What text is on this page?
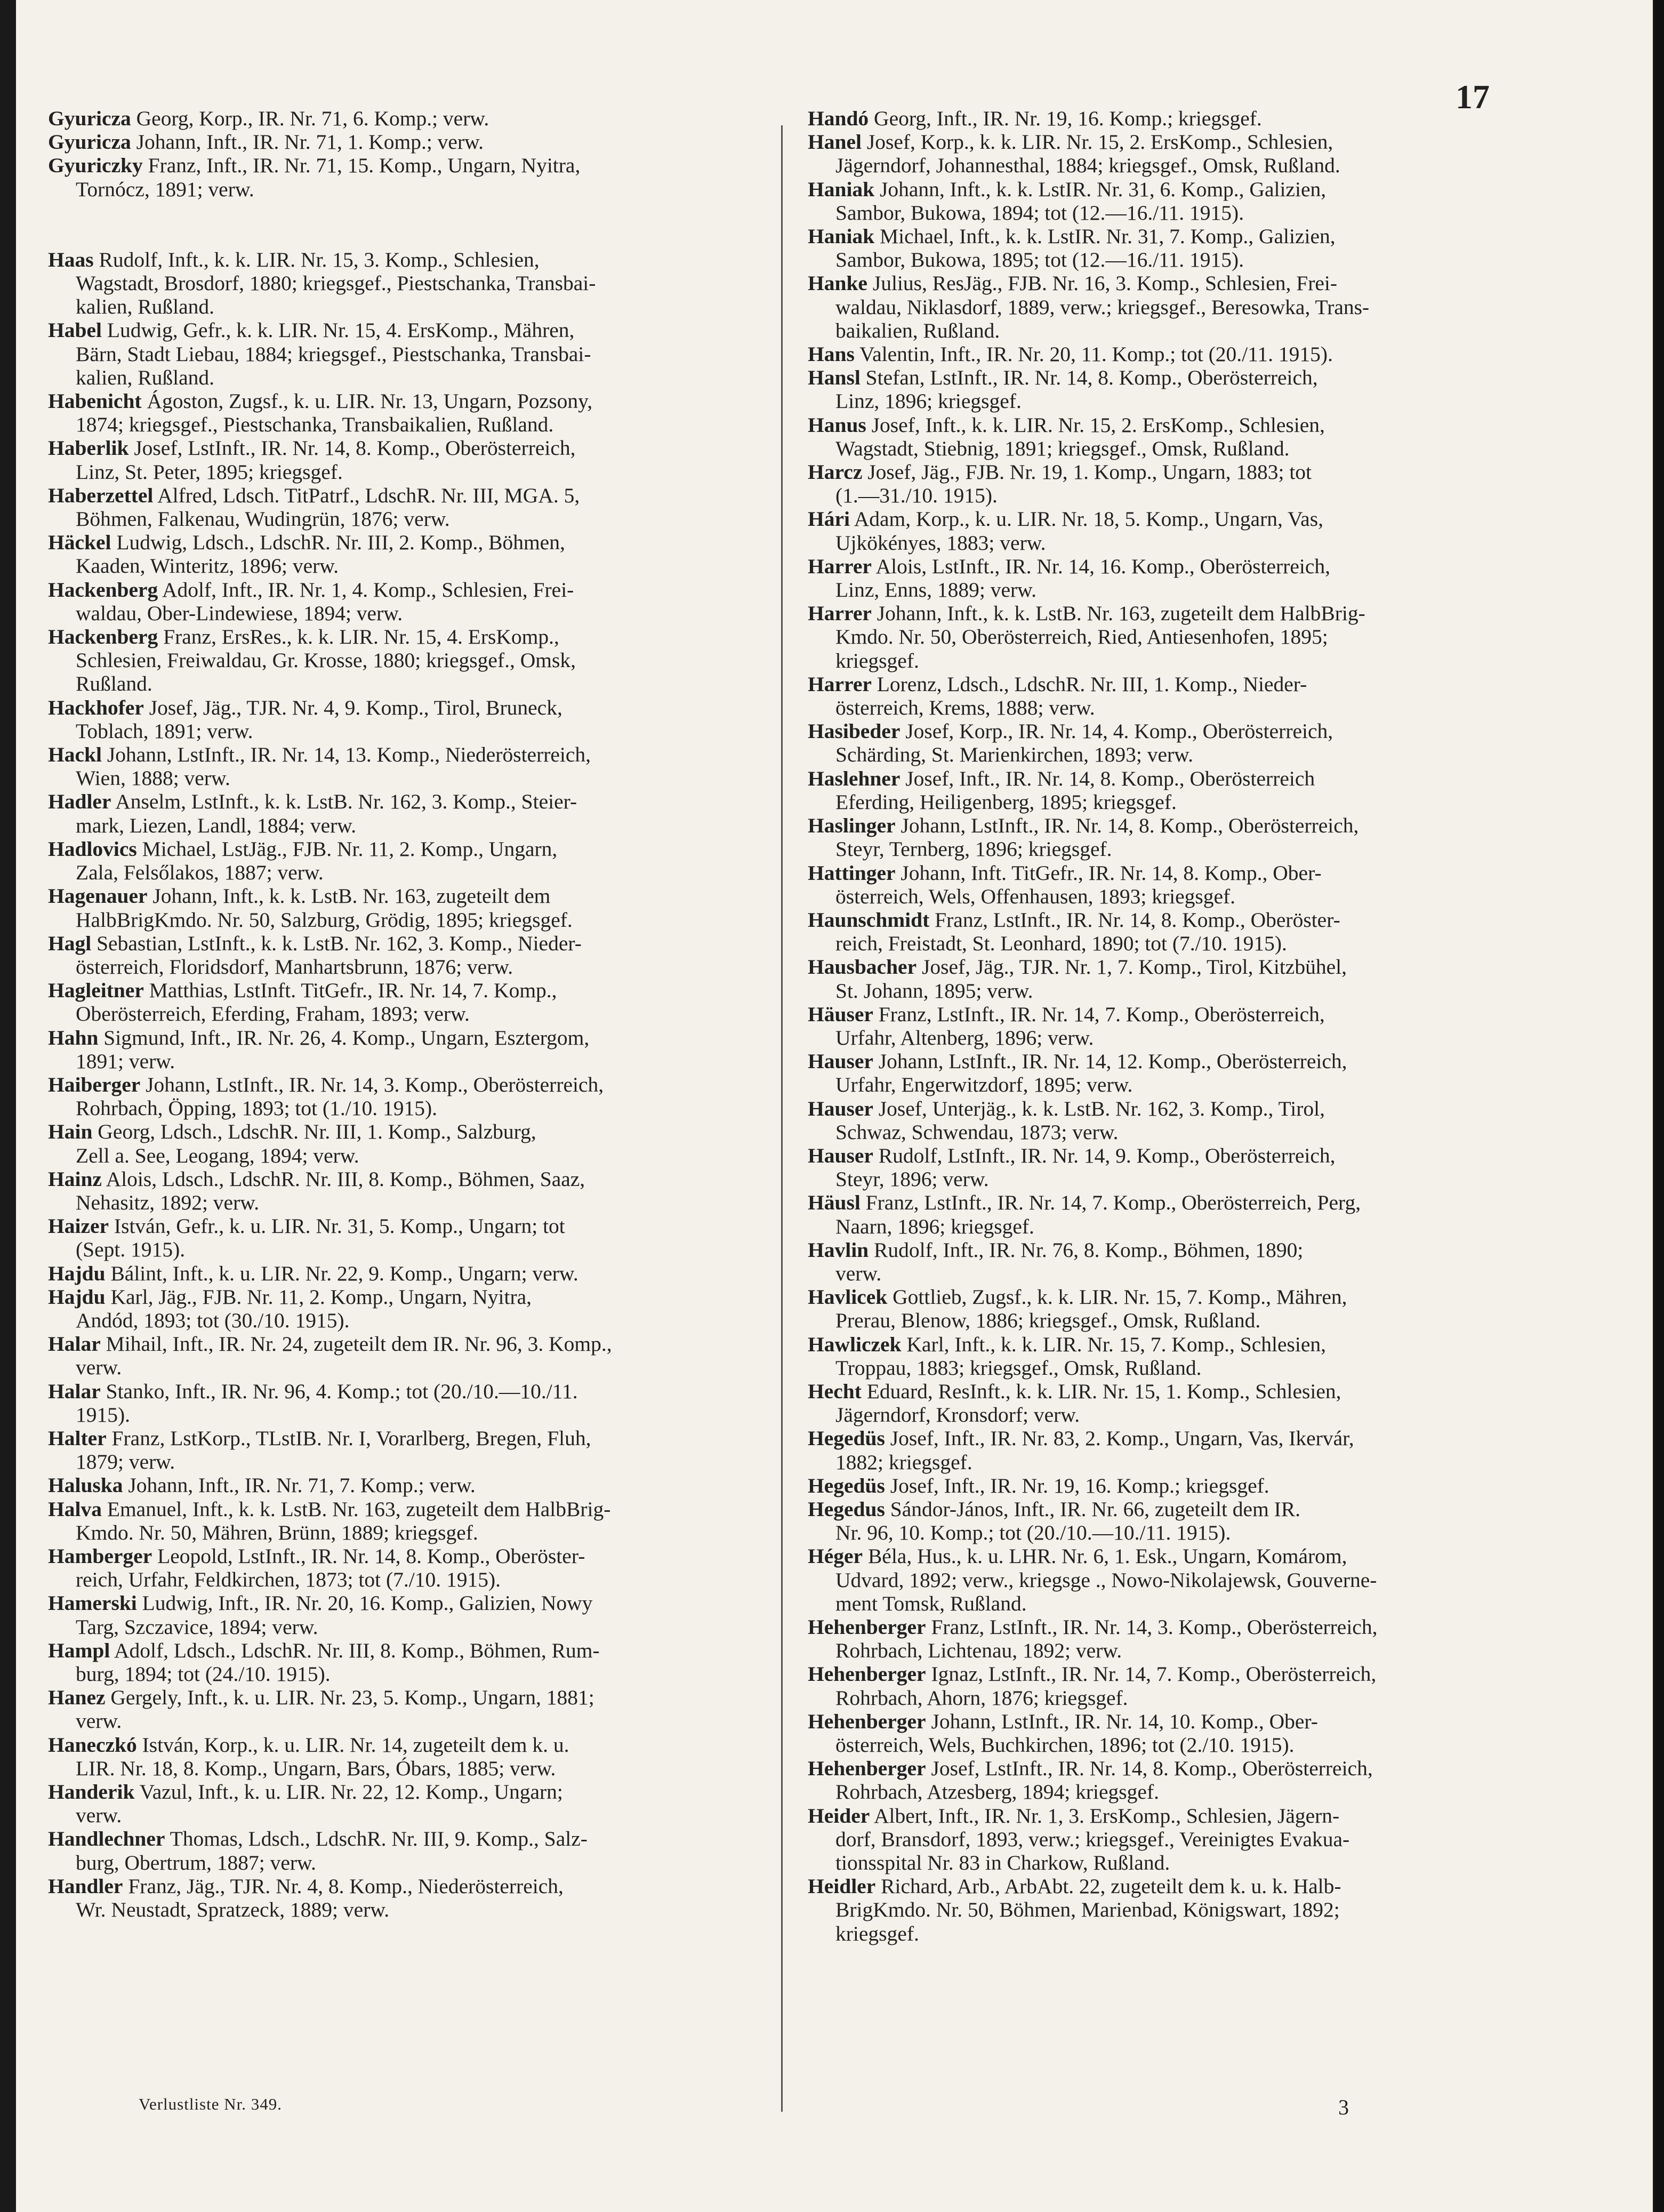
17
Gyuricza Georg, Korp., IR. Nr. 71, 6. Komp.; verw.
Gyuricza Johann, Inft., IR. Nr. 71, 1. Komp.; verw.
Gyuriczky Franz, Inft., IR. Nr. 71, 15. Komp., Ungarn, Nyitra,
Tornócz, 1891; verw.
Haas Rudolf, Inft., k. k. LIR. Nr. 15, 3. Komp., Schlesien,
Wagstadt, Brosdorf, 1880; kriegsgef., Piestschanka, Transbai-
kalien, Rußland.
Habel Ludwig, Gefr., k. k. LIR. Nr. 15, 4. ErsKomp., Mähren,
Bärn, Stadt Liebau, 1884; kriegsgef., Piestschanka, Transbai-
kalien, Rußland.
Habenicht Ágoston, Zugsf., k. u. LIR. Nr. 13, Ungarn, Pozsony,
1874; kriegsgef., Piestschanka, Transbaikalien, Rußland.
Haberlik Josef, LstInft., IR. Nr. 14, 8. Komp., Oberösterreich,
Linz, St. Peter, 1895; kriegsgef.
Haberzettel Alfred, Ldsch. TitPatrf., LdschR. Nr. III, MGA. 5,
Böhmen, Falkenau, Wudingrün, 1876; verw.
Häckel Ludwig, Ldsch., LdschR. Nr. III, 2. Komp., Böhmen,
Kaaden, Winteritz, 1896; verw.
Hackenberg Adolf, Inft., IR. Nr. 1, 4. Komp., Schlesien, Frei-
waldau, Ober-Lindewiese, 1894; verw.
Hackenberg Franz, ErsRes., k. k. LIR. Nr. 15, 4. ErsKomp.,
Schlesien, Freiwaldau, Gr. Krosse, 1880; kriegsgef., Omsk,
Rußland.
Hackhofer Josef, Jäg., TJR. Nr. 4, 9. Komp., Tirol, Bruneck,
Toblach, 1891; verw.
Hackl Johann, LstInft., IR. Nr. 14, 13. Komp., Niederösterreich,
Wien, 1888; verw.
Hadler Anselm, LstInft., k. k. LstB. Nr. 162, 3. Komp., Steier-
mark, Liezen, Landl, 1884; verw.
Hadlovics Michael, LstJäg., FJB. Nr. 11, 2. Komp., Ungarn,
Zala, Felsőlakos, 1887; verw.
Hagenauer Johann, Inft., k. k. LstB. Nr. 163, zugeteilt dem
HalbBrigKmdo. Nr. 50, Salzburg, Grödig, 1895; kriegsgef.
Hagl Sebastian, LstInft., k. k. LstB. Nr. 162, 3. Komp., Nieder-
österreich, Floridsdorf, Manhartsbrunn, 1876; verw.
Hagleitner Matthias, LstInft. TitGefr., IR. Nr. 14, 7. Komp.,
Oberösterreich, Eferding, Fraham, 1893; verw.
Hahn Sigmund, Inft., IR. Nr. 26, 4. Komp., Ungarn, Esztergom,
1891; verw.
Haiberger Johann, LstInft., IR. Nr. 14, 3. Komp., Oberösterreich,
Rohrbach, Öpping, 1893; tot (1./10. 1915).
Hain Georg, Ldsch., LdschR. Nr. III, 1. Komp., Salzburg,
Zell a. See, Leogang, 1894; verw.
Hainz Alois, Ldsch., LdschR. Nr. III, 8. Komp., Böhmen, Saaz,
Nehasitz, 1892; verw.
Haizer István, Gefr., k. u. LIR. Nr. 31, 5. Komp., Ungarn; tot
(Sept. 1915).
Hajdu Bálint, Inft., k. u. LIR. Nr. 22, 9. Komp., Ungarn; verw.
Hajdu Karl, Jäg., FJB. Nr. 11, 2. Komp., Ungarn, Nyitra,
Andód, 1893; tot (30./10. 1915).
Halar Mihail, Inft., IR. Nr. 24, zugeteilt dem IR. Nr. 96, 3. Komp.,
verw.
Halar Stanko, Inft., IR. Nr. 96, 4. Komp.; tot (20./10.—10./11.
1915).
Halter Franz, LstKorp., TLstIB. Nr. I, Vorarlberg, Bregen, Fluh,
1879; verw.
Haluska Johann, Inft., IR. Nr. 71, 7. Komp.; verw.
Halva Emanuel, Inft., k. k. LstB. Nr. 163, zugeteilt dem HalbBrig-
Kmdo. Nr. 50, Mähren, Brünn, 1889; kriegsgef.
Hamberger Leopold, LstInft., IR. Nr. 14, 8. Komp., Oberöster-
reich, Urfahr, Feldkirchen, 1873; tot (7./10. 1915).
Hamerski Ludwig, Inft., IR. Nr. 20, 16. Komp., Galizien, Nowy
Targ, Szczavice, 1894; verw.
Hampl Adolf, Ldsch., LdschR. Nr. III, 8. Komp., Böhmen, Rum-
burg, 1894; tot (24./10. 1915).
Hanez Gergely, Inft., k. u. LIR. Nr. 23, 5. Komp., Ungarn, 1881;
verw.
Haneczkó István, Korp., k. u. LIR. Nr. 14, zugeteilt dem k. u.
LIR. Nr. 18, 8. Komp., Ungarn, Bars, Óbars, 1885; verw.
Handerik Vazul, Inft., k. u. LIR. Nr. 22, 12. Komp., Ungarn;
verw.
Handlechner Thomas, Ldsch., LdschR. Nr. III, 9. Komp., Salz-
burg, Obertrum, 1887; verw.
Handler Franz, Jäg., TJR. Nr. 4, 8. Komp., Niederösterreich,
Wr. Neustadt, Spratzeck, 1889; verw.
Handó Georg, Inft., IR. Nr. 19, 16. Komp.; kriegsgef.
Hanel Josef, Korp., k. k. LIR. Nr. 15, 2. ErsKomp., Schlesien,
Jägerndorf, Johannesthal, 1884; kriegsgef., Omsk, Rußland.
Haniak Johann, Inft., k. k. LstIR. Nr. 31, 6. Komp., Galizien,
Sambor, Bukowa, 1894; tot (12.—16./11. 1915).
Haniak Michael, Inft., k. k. LstIR. Nr. 31, 7. Komp., Galizien,
Sambor, Bukowa, 1895; tot (12.—16./11. 1915).
Hanke Julius, ResJäg., FJB. Nr. 16, 3. Komp., Schlesien, Frei-
waldau, Niklasdorf, 1889, verw.; kriegsgef., Beresowka, Trans-
baikalien, Rußland.
Hans Valentin, Inft., IR. Nr. 20, 11. Komp.; tot (20./11. 1915).
Hansl Stefan, LstInft., IR. Nr. 14, 8. Komp., Oberösterreich,
Linz, 1896; kriegsgef.
Hanus Josef, Inft., k. k. LIR. Nr. 15, 2. ErsKomp., Schlesien,
Wagstadt, Stiebnig, 1891; kriegsgef., Omsk, Rußland.
Harcz Josef, Jäg., FJB. Nr. 19, 1. Komp., Ungarn, 1883; tot
(1.—31./10. 1915).
Hári Adam, Korp., k. u. LIR. Nr. 18, 5. Komp., Ungarn, Vas,
Ujkökényes, 1883; verw.
Harrer Alois, LstInft., IR. Nr. 14, 16. Komp., Oberösterreich,
Linz, Enns, 1889; verw.
Harrer Johann, Inft., k. k. LstB. Nr. 163, zugeteilt dem HalbBrig-
Kmdo. Nr. 50, Oberösterreich, Ried, Antiesenhofen, 1895;
kriegsgef.
Harrer Lorenz, Ldsch., LdschR. Nr. III, 1. Komp., Nieder-
österreich, Krems, 1888; verw.
Hasibeder Josef, Korp., IR. Nr. 14, 4. Komp., Oberösterreich,
Schärding, St. Marienkirchen, 1893; verw.
Haslehner Josef, Inft., IR. Nr. 14, 8. Komp., Oberösterreich
Eferding, Heiligenberg, 1895; kriegsgef.
Haslinger Johann, LstInft., IR. Nr. 14, 8. Komp., Oberösterreich,
Steyr, Ternberg, 1896; kriegsgef.
Hattinger Johann, Inft. TitGefr., IR. Nr. 14, 8. Komp., Ober-
österreich, Wels, Offenhausen, 1893; kriegsgef.
Haunschmidt Franz, LstInft., IR. Nr. 14, 8. Komp., Oberöster-
reich, Freistadt, St. Leonhard, 1890; tot (7./10. 1915).
Hausbacher Josef, Jäg., TJR. Nr. 1, 7. Komp., Tirol, Kitzbühel,
St. Johann, 1895; verw.
Häuser Franz, LstInft., IR. Nr. 14, 7. Komp., Oberösterreich,
Urfahr, Altenberg, 1896; verw.
Hauser Johann, LstInft., IR. Nr. 14, 12. Komp., Oberösterreich,
Urfahr, Engerwitzdorf, 1895; verw.
Hauser Josef, Unterjäg., k. k. LstB. Nr. 162, 3. Komp., Tirol,
Schwaz, Schwendau, 1873; verw.
Hauser Rudolf, LstInft., IR. Nr. 14, 9. Komp., Oberösterreich,
Steyr, 1896; verw.
Häusl Franz, LstInft., IR. Nr. 14, 7. Komp., Oberösterreich, Perg,
Naarn, 1896; kriegsgef.
Havlin Rudolf, Inft., IR. Nr. 76, 8. Komp., Böhmen, 1890;
verw.
Havlicek Gottlieb, Zugsf., k. k. LIR. Nr. 15, 7. Komp., Mähren,
Prerau, Blenow, 1886; kriegsgef., Omsk, Rußland.
Hawliczek Karl, Inft., k. k. LIR. Nr. 15, 7. Komp., Schlesien,
Troppau, 1883; kriegsgef., Omsk, Rußland.
Hecht Eduard, ResInft., k. k. LIR. Nr. 15, 1. Komp., Schlesien,
Jägerndorf, Kronsdorf; verw.
Hegedüs Josef, Inft., IR. Nr. 83, 2. Komp., Ungarn, Vas, Ikervár,
1882; kriegsgef.
Hegedüs Josef, Inft., IR. Nr. 19, 16. Komp.; kriegsgef.
Hegedus Sándor-János, Inft., IR. Nr. 66, zugeteilt dem IR.
Nr. 96, 10. Komp.; tot (20./10.—10./11. 1915).
Héger Béla, Hus., k. u. LHR. Nr. 6, 1. Esk., Ungarn, Komárom,
Udvard, 1892; verw., kriegsge ., Nowo-Nikolajewsk, Gouverne-
ment Tomsk, Rußland.
Hehenberger Franz, LstInft., IR. Nr. 14, 3. Komp., Oberösterreich,
Rohrbach, Lichtenau, 1892; verw.
Hehenberger Ignaz, LstInft., IR. Nr. 14, 7. Komp., Oberösterreich,
Rohrbach, Ahorn, 1876; kriegsgef.
Hehenberger Johann, LstInft., IR. Nr. 14, 10. Komp., Ober-
österreich, Wels, Buchkirchen, 1896; tot (2./10. 1915).
Hehenberger Josef, LstInft., IR. Nr. 14, 8. Komp., Oberösterreich,
Rohrbach, Atzesberg, 1894; kriegsgef.
Heider Albert, Inft., IR. Nr. 1, 3. ErsKomp., Schlesien, Jägern-
dorf, Bransdorf, 1893, verw.; kriegsgef., Vereinigtes Evakua-
tionsspital Nr. 83 in Charkow, Rußland.
Heidler Richard, Arb., ArbAbt. 22, zugeteilt dem k. u. k. Halb-
BrigKmdo. Nr. 50, Böhmen, Marienbad, Königswart, 1892;
kriegsgef.
Verlustliste Nr. 349.	3
